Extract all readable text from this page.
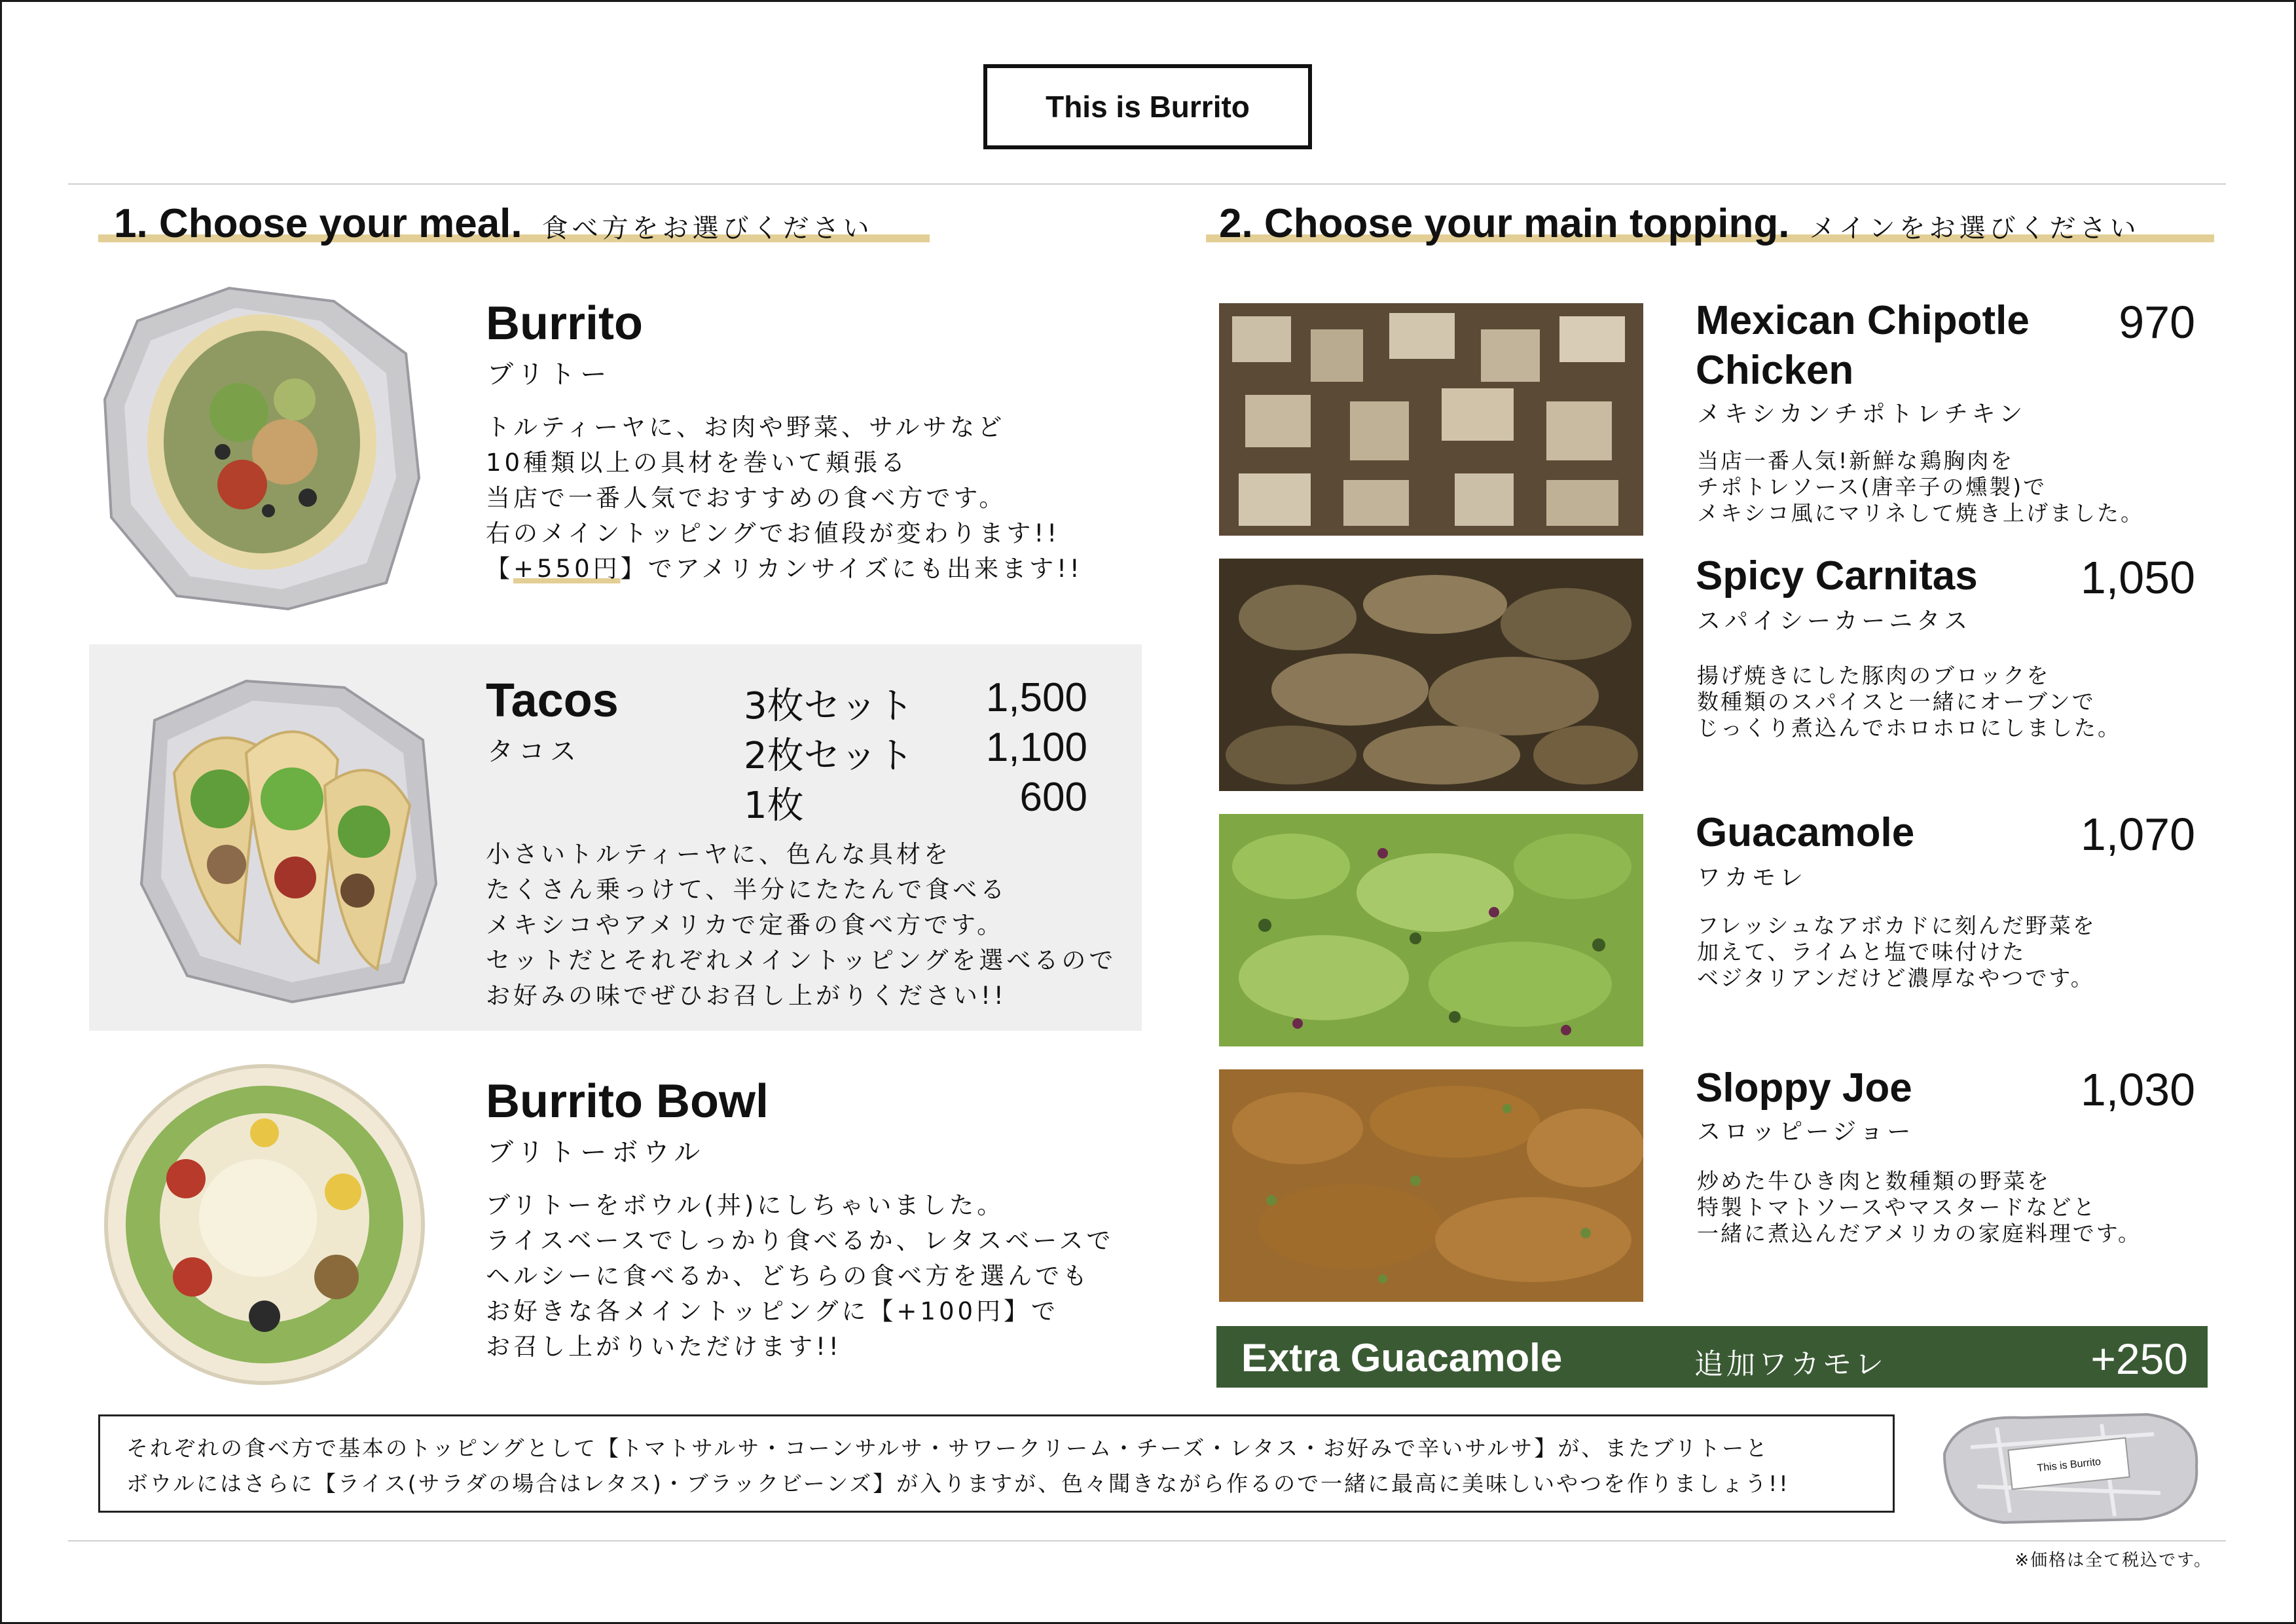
This is Burrito
1. Choose your meal. 食べ方をお選びください	2. Choose your main topping. メインをお選びください
Burrito
ブリトー
トルティーヤに、お肉や野菜、サルサなど
10種類以上の具材を巻いて頬張る
当店で一番人気でおすすめの食べ方です。
右のメイントッピングでお値段が変わります!!
【+550円】でアメリカンサイズにも出来ます!!
Tacos
タコス
3枚セット 1,500
2枚セット 1,100
1枚	600
小さいトルティーヤに、色んな具材を
たくさん乗っけて、半分にたたんで食べる
メキシコやアメリカで定番の食べ方です。
セットだとそれぞれメイントッピングを選べるので
お好みの味でぜひお召し上がりください!!
Burrito Bowl
ブリトーボウル
ブリトーをボウル(丼)にしちゃいました。
ライスベースでしっかり食べるか、レタスベースで
ヘルシーに食べるか、どちらの食べ方を選んでも
お好きな各メイントッピングに【+100円】で
お召し上がりいただけます!!
Mexican Chipotle
Chicken
970
メキシカンチポトレチキン
当店一番人気!新鮮な鶏胸肉を
チポトレソース(唐辛子の燻製)で
メキシコ風にマリネして焼き上げました。
Spicy Carnitas 1,050
スパイシーカーニタス
揚げ焼きにした豚肉のブロックを
数種類のスパイスと一緒にオーブンで
じっくり煮込んでホロホロにしました。
Guacamole	1,070
ワカモレ
フレッシュなアボカドに刻んだ野菜を
加えて、ライムと塩で味付けた
ベジタリアンだけど濃厚なやつです。
Sloppy Joe	1,030
スロッピージョー
炒めた牛ひき肉と数種類の野菜を
特製トマトソースやマスタードなどと
一緒に煮込んだアメリカの家庭料理です。
Extra Guacamole	追加ワカモレ	+250
それぞれの食べ方で基本のトッピングとして【トマトサルサ・コーンサルサ・サワークリーム・チーズ・レタス・お好みで辛いサルサ】が、またブリトーと
ボウルにはさらに【ライス(サラダの場合はレタス)・ブラックビーンズ】が入りますが、色々聞きながら作るので一緒に最高に美味しいやつを作りましょう!!
This is Burrito
※価格は全て税込です。
